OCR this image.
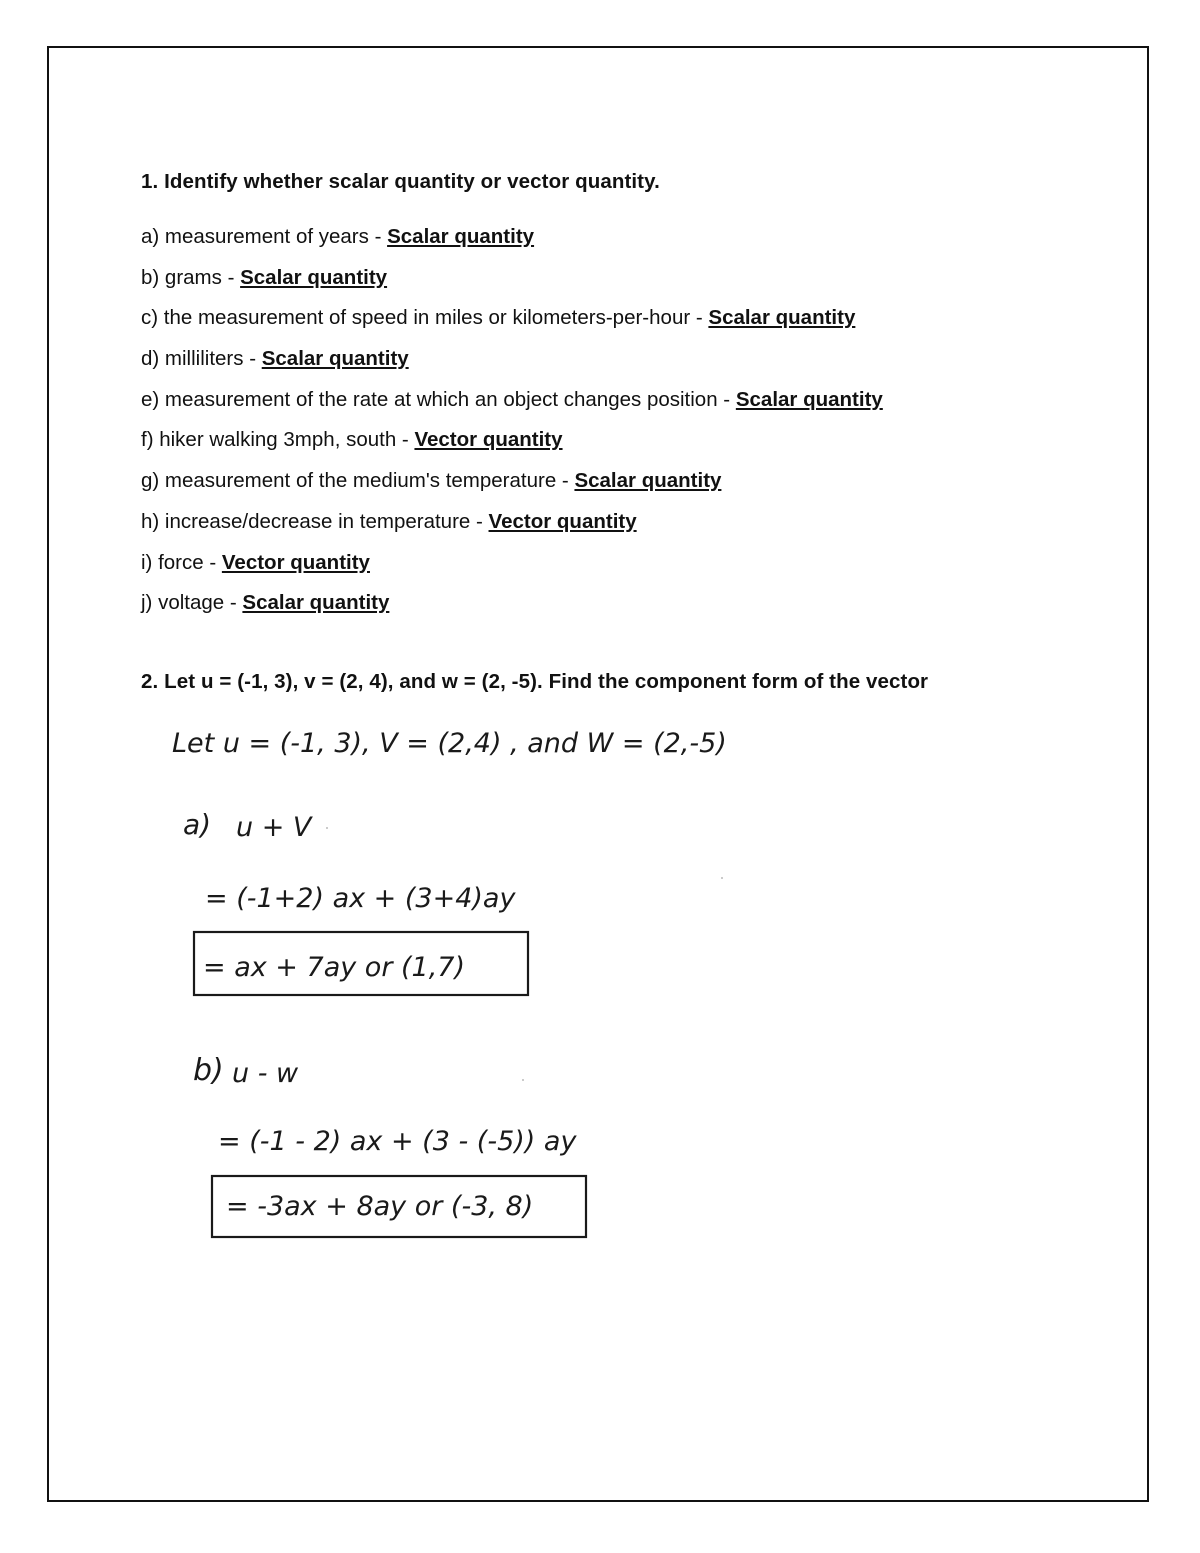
1. Identify whether scalar quantity or vector quantity.
a) measurement of years - Scalar quantity
b) grams - Scalar quantity
c) the measurement of speed in miles or kilometers-per-hour - Scalar quantity
d) milliliters - Scalar quantity
e) measurement of the rate at which an object changes position - Scalar quantity
f) hiker walking 3mph, south - Vector quantity
g) measurement of the medium's temperature - Scalar quantity
h) increase/decrease in temperature - Vector quantity
i) force - Vector quantity
j) voltage - Scalar quantity
2. Let u = (-1, 3), v = (2, 4), and w = (2, -5). Find the component form of the vector
Let u = (-1, 3), V = (2,4) , and W = (2,-5)
a) u + V
= (-1+2) ax + (3+4)ay
= ax + 7ay or (1,7)
b) u - w
= (-1 - 2) ax + (3 - (-5)) ay
= -3ax + 8ay or (-3, 8)
